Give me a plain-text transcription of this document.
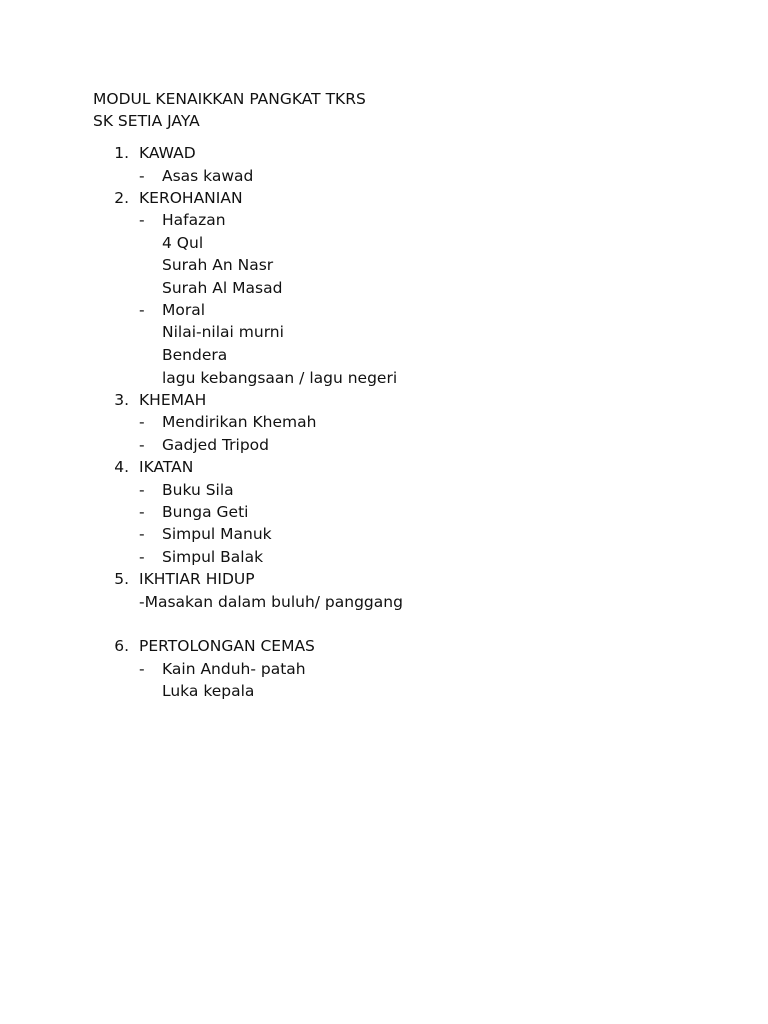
MODUL KENAIKKAN PANGKAT TKRS
SK SETIA JAYA
1. KAWAD
- Asas kawad
2. KEROHANIAN
- Hafazan
4 Qul
Surah An Nasr
Surah Al Masad
- Moral
Nilai-nilai murni
Bendera
lagu kebangsaan / lagu negeri
3. KHEMAH
- Mendirikan Khemah
- Gadjed Tripod
4. IKATAN
- Buku Sila
- Bunga Geti
- Simpul Manuk
- Simpul Balak
5. IKHTIAR HIDUP
-Masakan dalam buluh/ panggang
6. PERTOLONGAN CEMAS
- Kain Anduh- patah
Luka kepala
